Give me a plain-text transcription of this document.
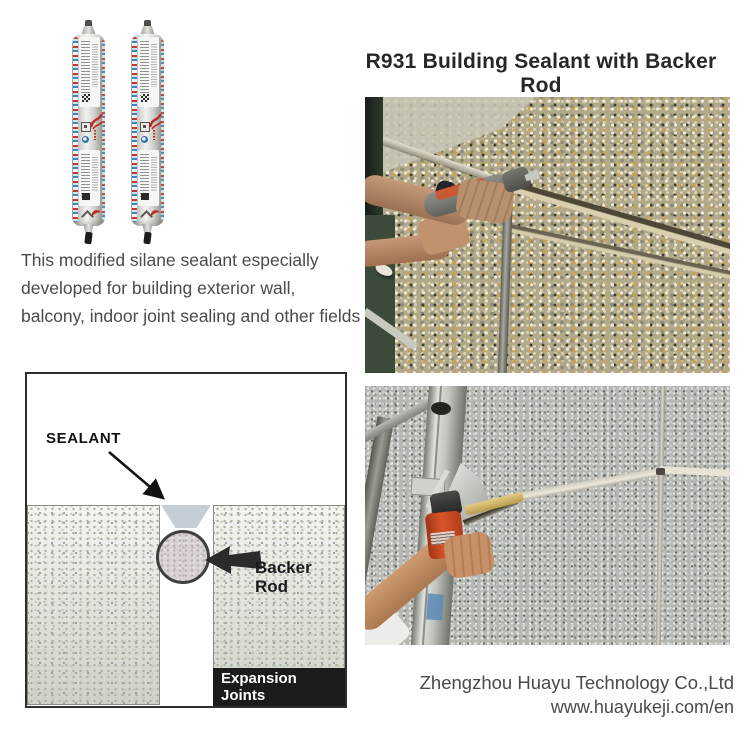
R931 Building Sealant with Backer Rod
This modified silane sealant especially
developed for building exterior wall,
balcony, indoor joint sealing and other fields
SEALANT
Backer
Rod
Expansion
Joints
Zhengzhou Huayu Technology Co.,Ltd
www.huayukeji.com/en
